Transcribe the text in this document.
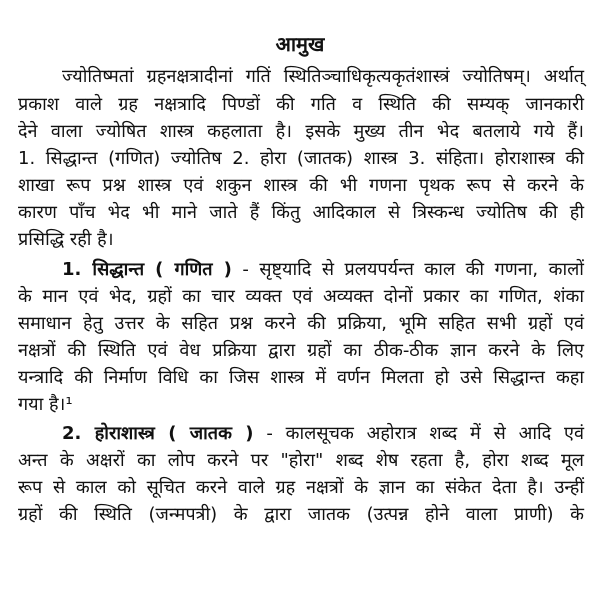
आमुख
ज्योतिष्मतां ग्रहनक्षत्रादीनां गतिं स्थितिञ्चाधिकृत्यकृतंशास्त्रं ज्योतिषम्। अर्थात्
प्रकाश वाले ग्रह नक्षत्रादि पिण्डों की गति व स्थिति की सम्यक् जानकारी
देने वाला ज्योषित शास्त्र कहलाता है। इसके मुख्य तीन भेद बतलाये गये हैं।
1. सिद्धान्त (गणित) ज्योतिष 2. होरा (जातक) शास्त्र 3. संहिता। होराशास्त्र की
शाखा रूप प्रश्न शास्त्र एवं शकुन शास्त्र की भी गणना पृथक रूप से करने के
कारण पाँच भेद भी माने जाते हैं किंतु आदिकाल से त्रिस्कन्ध ज्योतिष की ही
प्रसिद्धि रही है।
1. सिद्धान्त ( गणित ) - सृष्ट्यादि से प्रलयपर्यन्त काल की गणना, कालों
के मान एवं भेद, ग्रहों का चार व्यक्त एवं अव्यक्त दोनों प्रकार का गणित, शंका
समाधान हेतु उत्तर के सहित प्रश्न करने की प्रक्रिया, भूमि सहित सभी ग्रहों एवं
नक्षत्रों की स्थिति एवं वेध प्रक्रिया द्वारा ग्रहों का ठीक-ठीक ज्ञान करने के लिए
यन्त्रादि की निर्माण विधि का जिस शास्त्र में वर्णन मिलता हो उसे सिद्धान्त कहा
गया है।¹
2. होराशास्त्र ( जातक ) - कालसूचक अहोरात्र शब्द में से आदि एवं
अन्त के अक्षरों का लोप करने पर "होरा" शब्द शेष रहता है, होरा शब्द मूल
रूप से काल को सूचित करने वाले ग्रह नक्षत्रों के ज्ञान का संकेत देता है। उन्हीं
ग्रहों की स्थिति (जन्मपत्री) के द्वारा जातक (उत्पन्न होने वाला प्राणी) के
